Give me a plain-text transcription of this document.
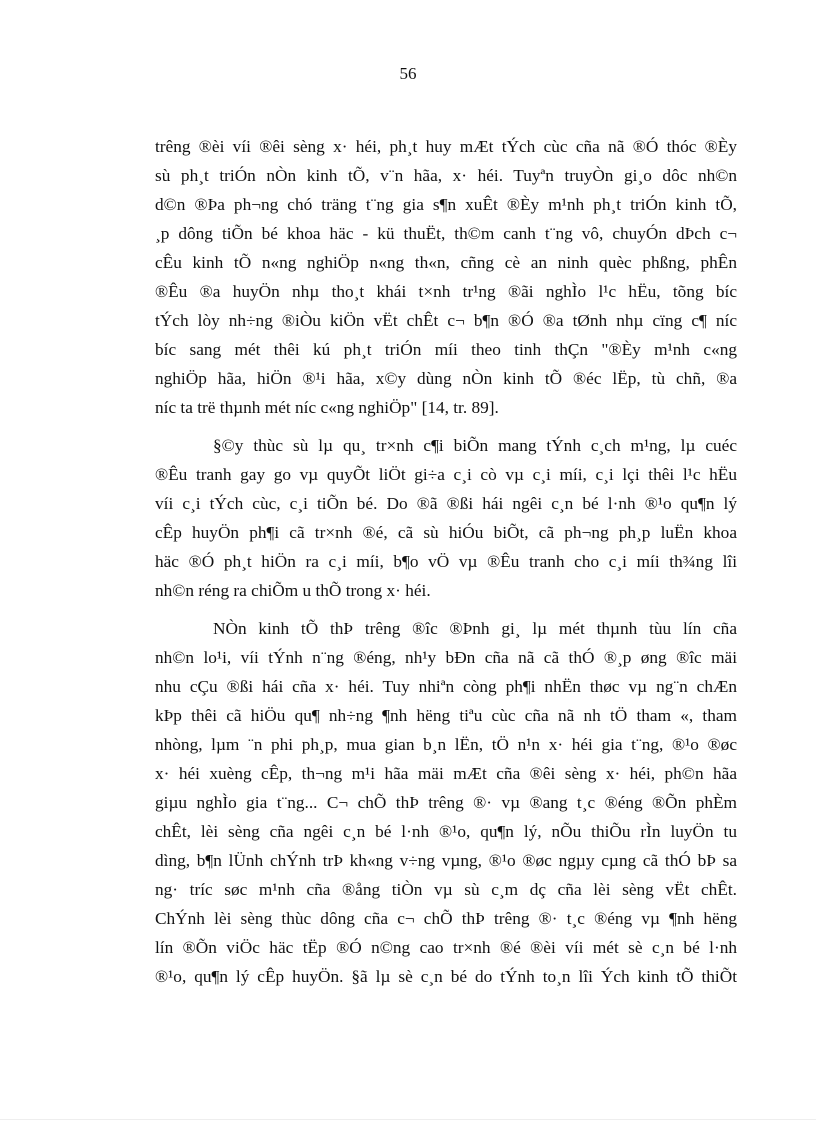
56
trêng ®èi víi ®êi sèng x· héi, ph¸t huy mÆt tÝch cùc cña nã ®Ó thóc ®Èy
sù ph¸t triÓn nÒn kinh tÕ, v¨n hãa, x· héi. Tuyªn truyÒn gi¸o dôc nh©n
d©n ®Þa ph¬ng chó träng t¨ng gia s¶n xuÊt ®Èy m¹nh ph¸t triÓn kinh tÕ,
¸p dông tiÕn bé khoa häc - kü thuËt, th©m canh t¨ng vô, chuyÓn dÞch c¬
cÊu kinh tÕ n«ng nghiÖp n«ng th«n, cñng cè an ninh quèc phßng, phÊn
®Êu ®a huyÖn nhµ tho¸t khái t×nh tr¹ng ®ãi nghÌo l¹c hËu, tõng bíc
tÝch lòy nh÷ng ®iÒu kiÖn vËt chÊt c¬ b¶n ®Ó ®a tØnh nhµ cïng c¶ níc
bíc sang mét thêi kú ph¸t triÓn míi theo tinh thÇn "®Èy m¹nh c«ng
nghiÖp hãa, hiÖn ®¹i hãa, x©y dùng nÒn kinh tÕ ®éc lËp, tù chñ, ®a
níc ta trë thµnh mét níc c«ng nghiÖp" [14, tr. 89].
§©y thùc sù lµ qu¸ tr×nh c¶i biÕn mang tÝnh c¸ch m¹ng, lµ cuéc
®Êu tranh gay go vµ quyÕt liÖt gi÷a c¸i cò vµ c¸i míi, c¸i lçi thêi l¹c hËu
víi c¸i tÝch cùc, c¸i tiÕn bé. Do ®ã ®ßi hái ngêi c¸n bé l·nh ®¹o qu¶n lý
cÊp huyÖn ph¶i cã tr×nh ®é, cã sù hiÓu biÕt, cã ph¬ng ph¸p luËn khoa
häc ®Ó ph¸t hiÖn ra c¸i míi, b¶o vÖ vµ ®Êu tranh cho c¸i míi th¾ng lîi
nh©n réng ra chiÕm u thÕ trong x· héi.
NÒn kinh tÕ thÞ trêng ®îc ®Þnh gi¸ lµ mét thµnh tùu lín cña
nh©n lo¹i, víi tÝnh n¨ng ®éng, nh¹y bÐn cña nã cã thÓ ®¸p øng ®îc mäi
nhu cÇu ®ßi hái cña x· héi. Tuy nhiªn còng ph¶i nhËn thøc vµ ng¨n chÆn
kÞp thêi cã hiÖu qu¶ nh÷ng ¶nh hëng tiªu cùc cña nã nh tÖ tham «, tham
nhòng, lµm ¨n phi ph¸p, mua gian b¸n lËn, tÖ n¹n x· héi gia t¨ng, ®¹o ®øc
x· héi xuèng cÊp, th¬ng m¹i hãa mäi mÆt cña ®êi sèng x· héi, ph©n hãa
giµu nghÌo gia t¨ng... C¬ chÕ thÞ trêng ®· vµ ®ang t¸c ®éng ®Õn phÈm
chÊt, lèi sèng cña ngêi c¸n bé l·nh ®¹o, qu¶n lý, nÕu thiÕu rÌn luyÖn tu
dìng, b¶n lÜnh chÝnh trÞ kh«ng v÷ng vµng, ®¹o ®øc ngµy cµng cã thÓ bÞ sa
ng· tríc søc m¹nh cña ®ång tiÒn vµ sù c¸m dç cña lèi sèng vËt chÊt.
ChÝnh lèi sèng thùc dông cña c¬ chÕ thÞ trêng ®· t¸c ®éng vµ ¶nh hëng
lín ®Õn viÖc häc tËp ®Ó n©ng cao tr×nh ®é ®èi víi mét sè c¸n bé l·nh
®¹o, qu¶n lý cÊp huyÖn. §ã lµ sè c¸n bé do tÝnh to¸n lîi Ých kinh tÕ thiÕt
